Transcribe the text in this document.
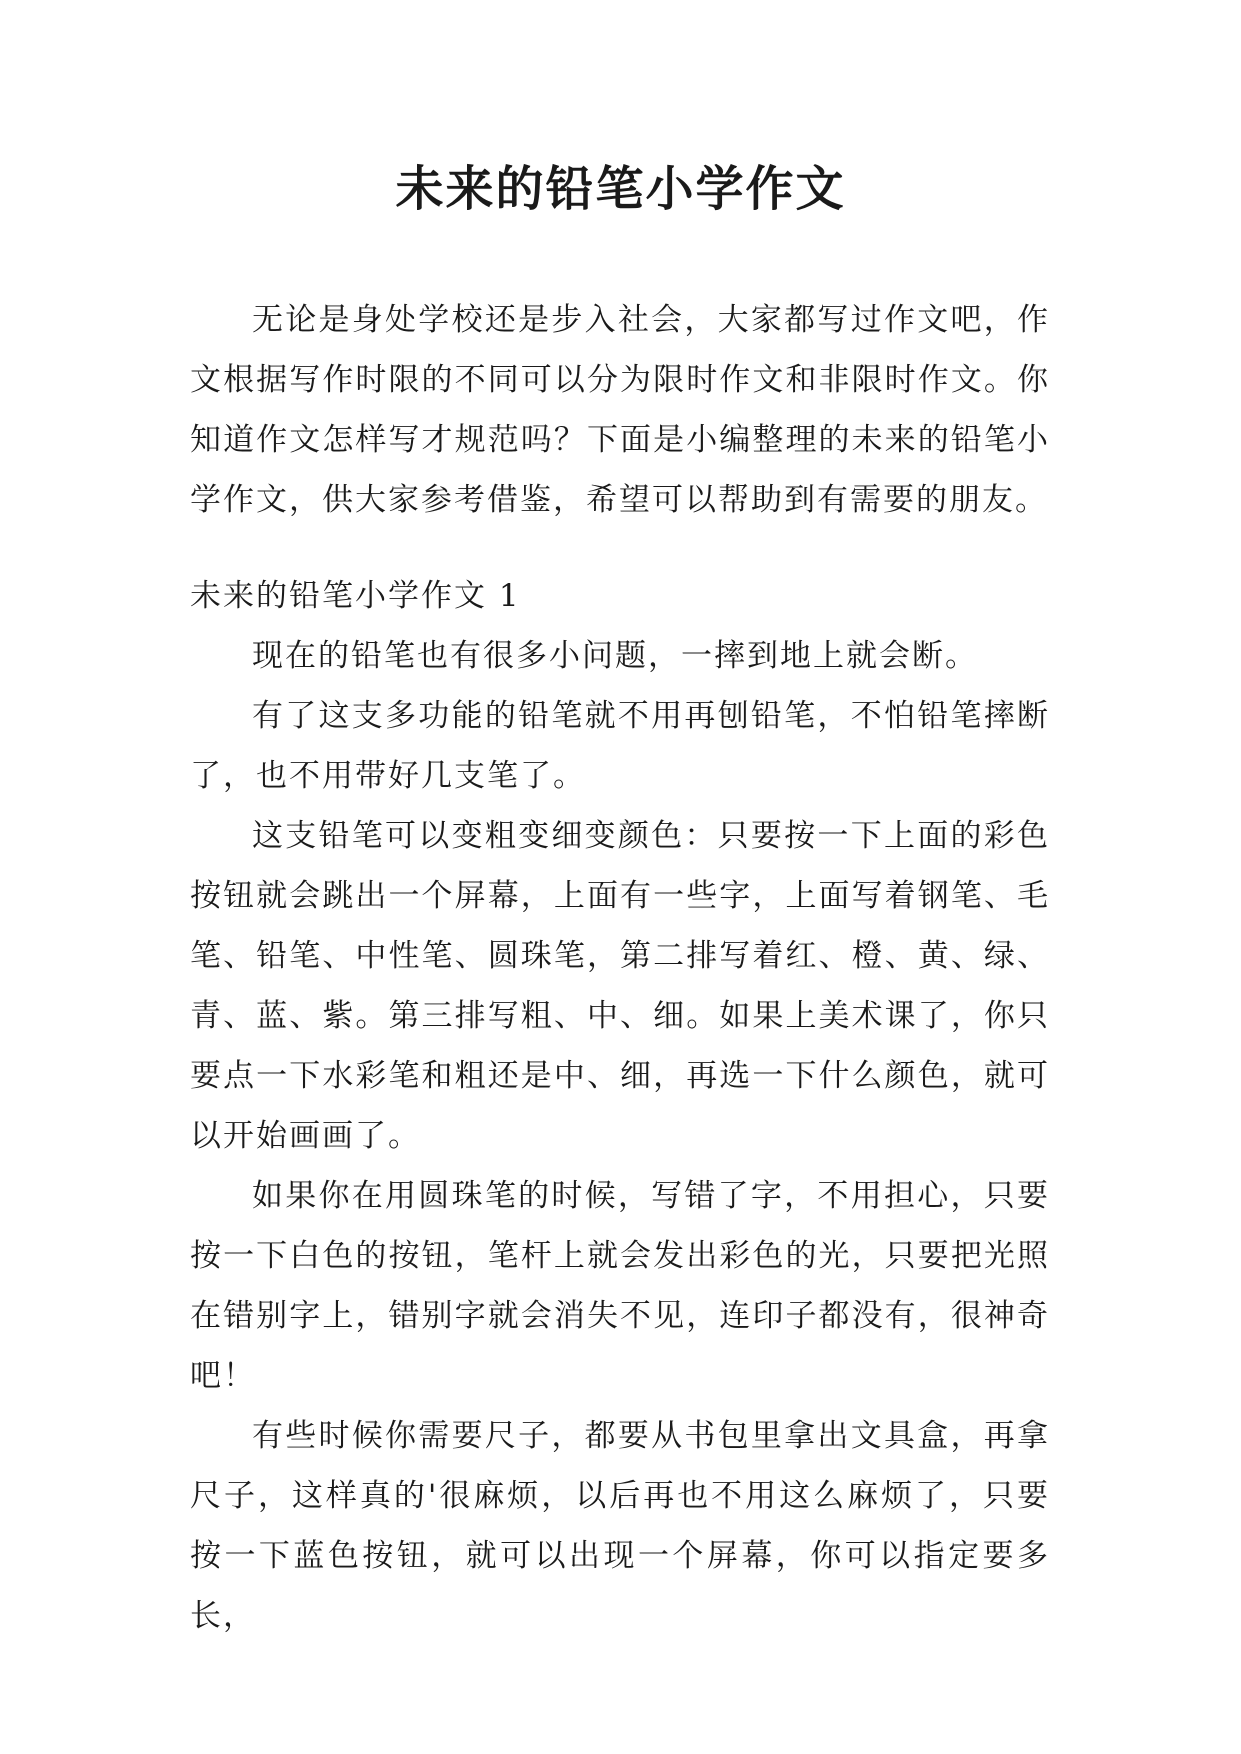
未来的铅笔小学作文

无论是身处学校还是步入社会，大家都写过作文吧，作文根据写作时限的不同可以分为限时作文和非限时作文。你知道作文怎样写才规范吗？下面是小编整理的未来的铅笔小学作文，供大家参考借鉴，希望可以帮助到有需要的朋友。

未来的铅笔小学作文 1

现在的铅笔也有很多小问题，一摔到地上就会断。

有了这支多功能的铅笔就不用再刨铅笔，不怕铅笔摔断了，也不用带好几支笔了。

这支铅笔可以变粗变细变颜色：只要按一下上面的彩色按钮就会跳出一个屏幕，上面有一些字，上面写着钢笔、毛笔、铅笔、中性笔、圆珠笔，第二排写着红、橙、黄、绿、青、蓝、紫。第三排写粗、中、细。如果上美术课了，你只要点一下水彩笔和粗还是中、细，再选一下什么颜色，就可以开始画画了。

如果你在用圆珠笔的时候，写错了字，不用担心，只要按一下白色的按钮，笔杆上就会发出彩色的光，只要把光照在错别字上，错别字就会消失不见，连印子都没有，很神奇吧！

有些时候你需要尺子，都要从书包里拿出文具盒，再拿尺子，这样真的'很麻烦，以后再也不用这么麻烦了，只要按一下蓝色按钮，就可以出现一个屏幕，你可以指定要多长，
